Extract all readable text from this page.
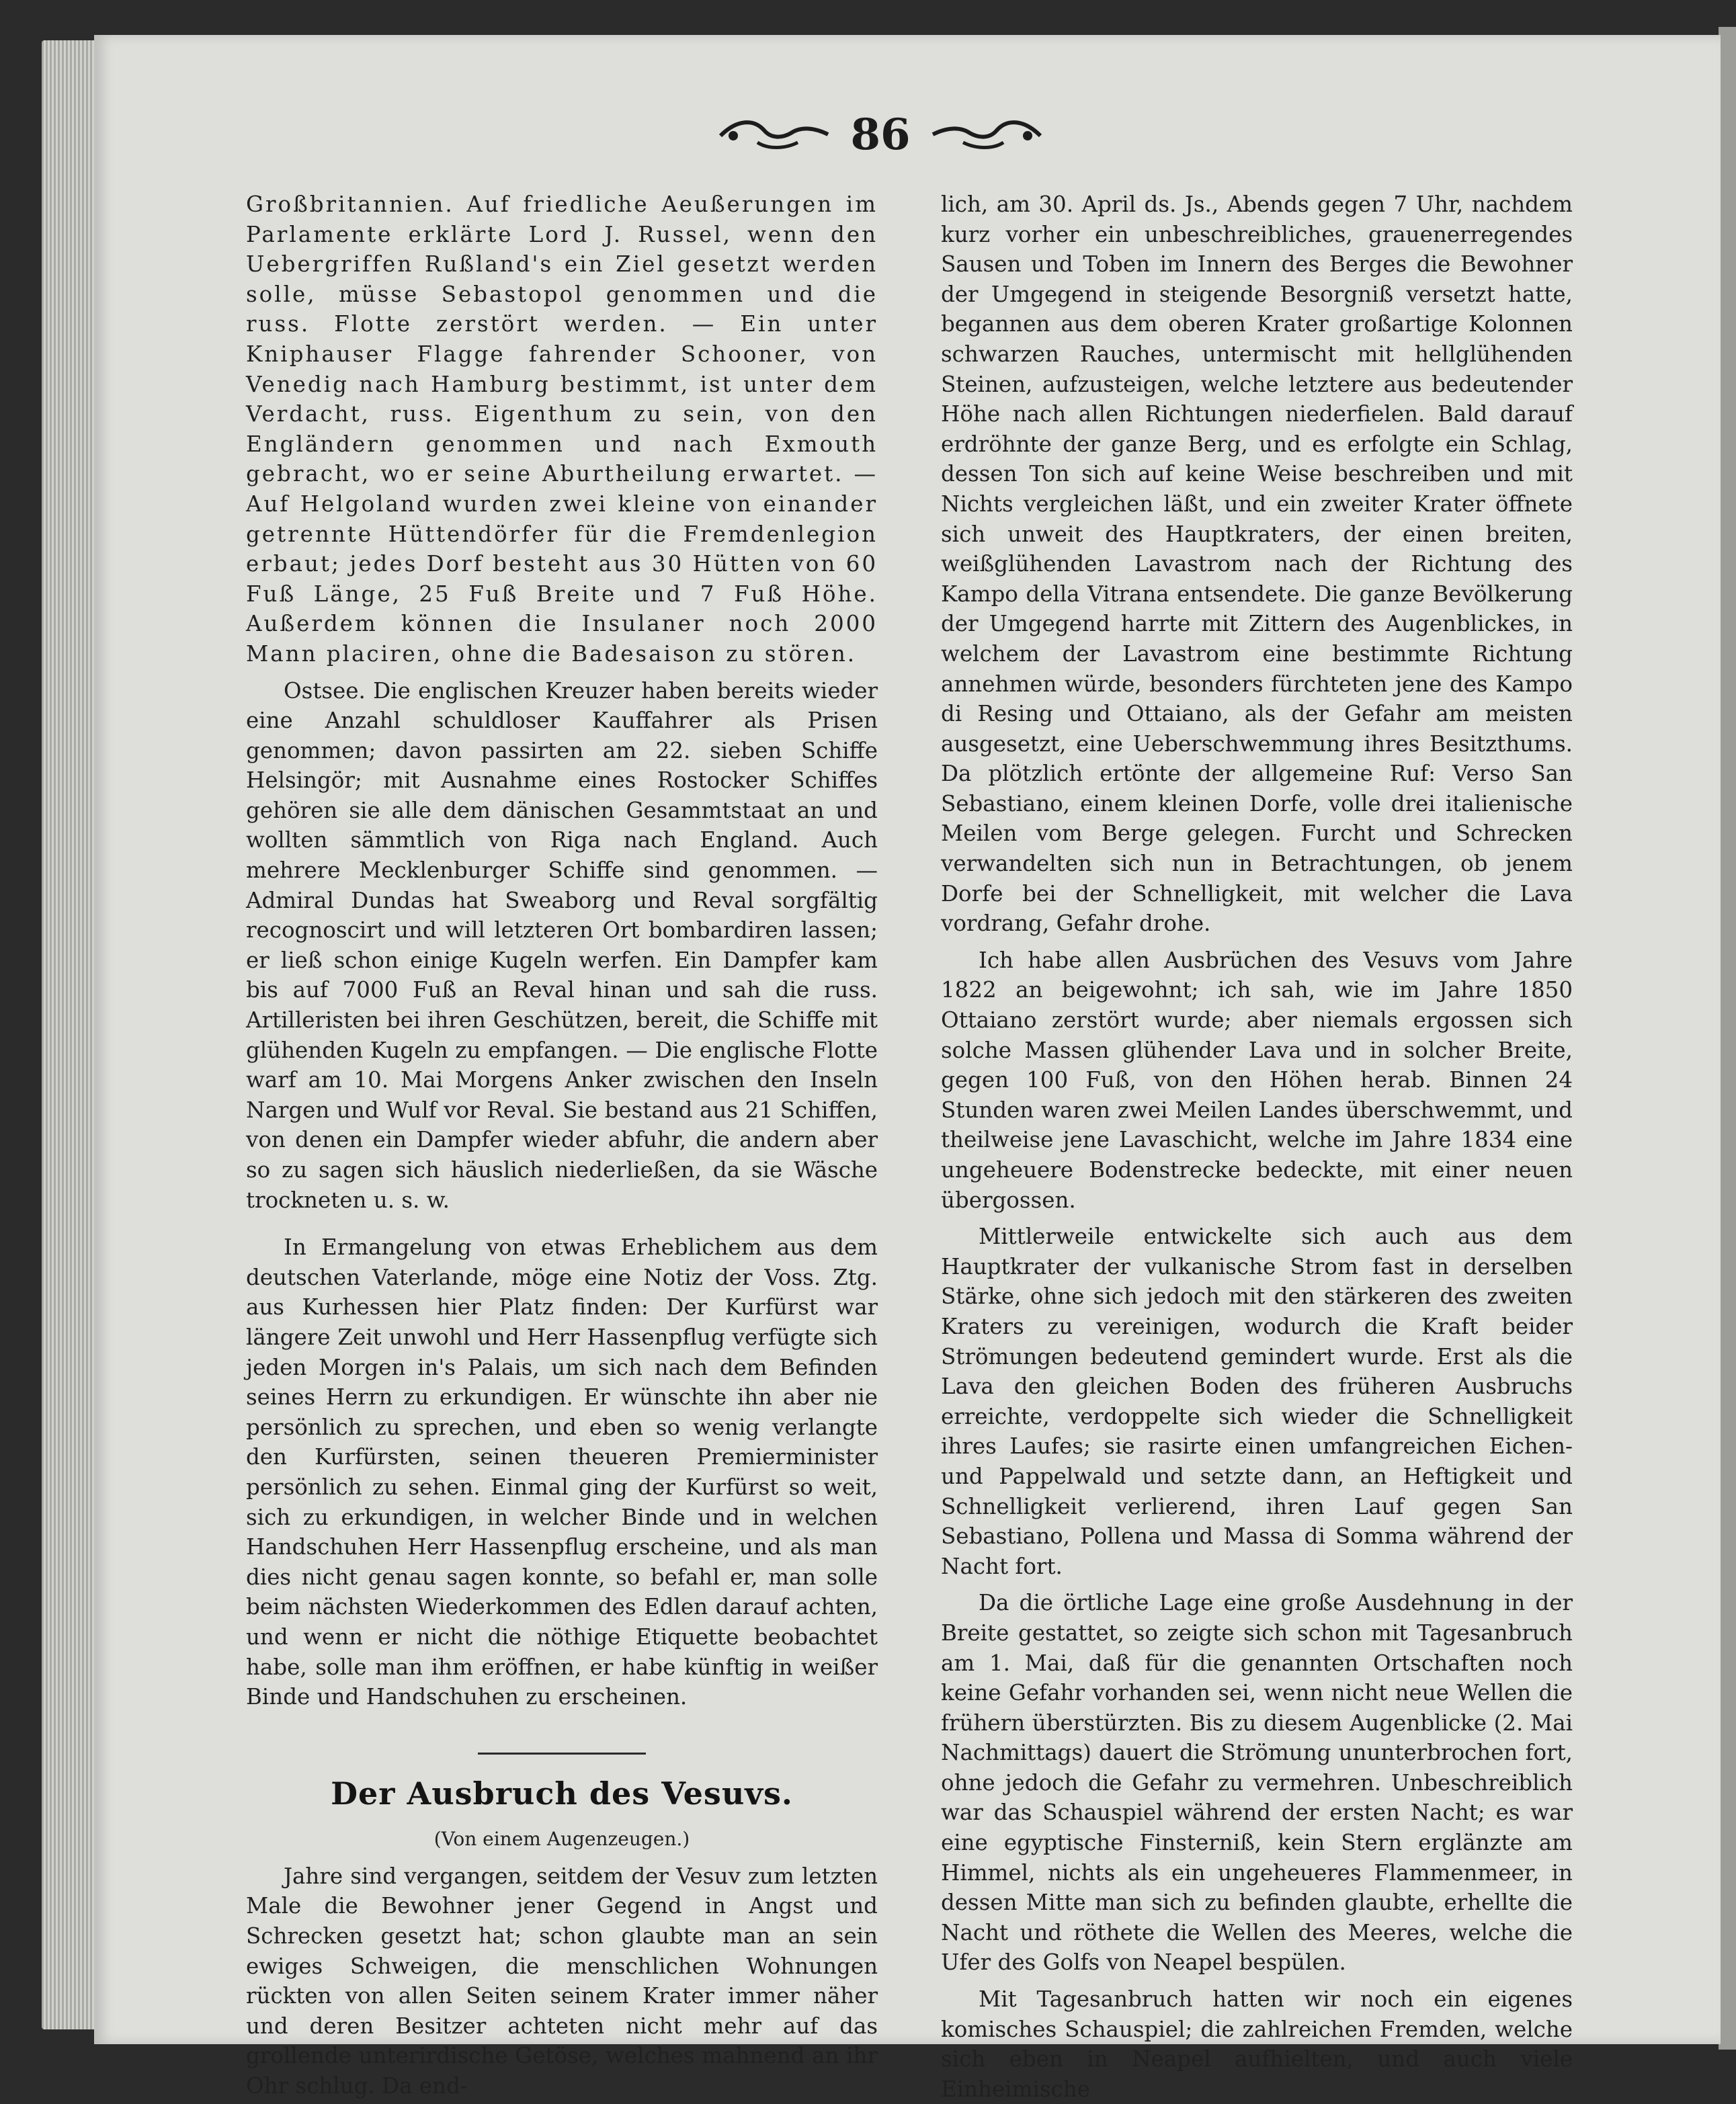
86

Großbritannien. Auf friedliche Aeußerungen im Parlamente erklärte Lord J. Russel, wenn den Uebergriffen Rußland's ein Ziel gesetzt werden solle, müsse Sebastopol genommen und die russ. Flotte zerstört werden. — Ein unter Kniphauser Flagge fahrender Schooner, von Venedig nach Hamburg bestimmt, ist unter dem Verdacht, russ. Eigenthum zu sein, von den Engländern genommen und nach Exmouth gebracht, wo er seine Aburtheilung erwartet. — Auf Helgoland wurden zwei kleine von einander getrennte Hüttendörfer für die Fremdenlegion erbaut; jedes Dorf besteht aus 30 Hütten von 60 Fuß Länge, 25 Fuß Breite und 7 Fuß Höhe. Außerdem können die Insulaner noch 2000 Mann placiren, ohne die Badesaison zu stören.

Ostsee. Die englischen Kreuzer haben bereits wieder eine Anzahl schuldloser Kauffahrer als Prisen genommen; davon passirten am 22. sieben Schiffe Helsingör; mit Ausnahme eines Rostocker Schiffes gehören sie alle dem dänischen Gesammtstaat an und wollten sämmtlich von Riga nach England. Auch mehrere Mecklenburger Schiffe sind genommen. — Admiral Dundas hat Sweaborg und Reval sorgfältig recognoscirt und will letzteren Ort bombardiren lassen; er ließ schon einige Kugeln werfen. Ein Dampfer kam bis auf 7000 Fuß an Reval hinan und sah die russ. Artilleristen bei ihren Geschützen, bereit, die Schiffe mit glühenden Kugeln zu empfangen. — Die englische Flotte warf am 10. Mai Morgens Anker zwischen den Inseln Nargen und Wulf vor Reval. Sie bestand aus 21 Schiffen, von denen ein Dampfer wieder abfuhr, die andern aber so zu sagen sich häuslich niederließen, da sie Wäsche trockneten u. s. w.

In Ermangelung von etwas Erheblichem aus dem deutschen Vaterlande, möge eine Notiz der Voss. Ztg. aus Kurhessen hier Platz finden: Der Kurfürst war längere Zeit unwohl und Herr Hassenpflug verfügte sich jeden Morgen in's Palais, um sich nach dem Befinden seines Herrn zu erkundigen. Er wünschte ihn aber nie persönlich zu sprechen, und eben so wenig verlangte den Kurfürsten, seinen theueren Premierminister persönlich zu sehen. Einmal ging der Kurfürst so weit, sich zu erkundigen, in welcher Binde und in welchen Handschuhen Herr Hassenpflug erscheine, und als man dies nicht genau sagen konnte, so befahl er, man solle beim nächsten Wiederkommen des Edlen darauf achten, und wenn er nicht die nöthige Etiquette beobachtet habe, solle man ihm eröffnen, er habe künftig in weißer Binde und Handschuhen zu erscheinen.

Der Ausbruch des Vesuvs.

(Von einem Augenzeugen.)

Jahre sind vergangen, seitdem der Vesuv zum letzten Male die Bewohner jener Gegend in Angst und Schrecken gesetzt hat; schon glaubte man an sein ewiges Schweigen, die menschlichen Wohnungen rückten von allen Seiten seinem Krater immer näher und deren Besitzer achteten nicht mehr auf das grollende unterirdische Getöse, welches mahnend an ihr Ohr schlug. Da end-

lich, am 30. April ds. Js., Abends gegen 7 Uhr, nachdem kurz vorher ein unbeschreibliches, grauenerregendes Sausen und Toben im Innern des Berges die Bewohner der Umgegend in steigende Besorgniß versetzt hatte, begannen aus dem oberen Krater großartige Kolonnen schwarzen Rauches, untermischt mit hellglühenden Steinen, aufzusteigen, welche letztere aus bedeutender Höhe nach allen Richtungen niederfielen. Bald darauf erdröhnte der ganze Berg, und es erfolgte ein Schlag, dessen Ton sich auf keine Weise beschreiben und mit Nichts vergleichen läßt, und ein zweiter Krater öffnete sich unweit des Hauptkraters, der einen breiten, weißglühenden Lavastrom nach der Richtung des Kampo della Vitrana entsendete. Die ganze Bevölkerung der Umgegend harrte mit Zittern des Augenblickes, in welchem der Lavastrom eine bestimmte Richtung annehmen würde, besonders fürchteten jene des Kampo di Resing und Ottaiano, als der Gefahr am meisten ausgesetzt, eine Ueberschwemmung ihres Besitzthums. Da plötzlich ertönte der allgemeine Ruf: Verso San Sebastiano, einem kleinen Dorfe, volle drei italienische Meilen vom Berge gelegen. Furcht und Schrecken verwandelten sich nun in Betrachtungen, ob jenem Dorfe bei der Schnelligkeit, mit welcher die Lava vordrang, Gefahr drohe.

Ich habe allen Ausbrüchen des Vesuvs vom Jahre 1822 an beigewohnt; ich sah, wie im Jahre 1850 Ottaiano zerstört wurde; aber niemals ergossen sich solche Massen glühender Lava und in solcher Breite, gegen 100 Fuß, von den Höhen herab. Binnen 24 Stunden waren zwei Meilen Landes überschwemmt, und theilweise jene Lavaschicht, welche im Jahre 1834 eine ungeheuere Bodenstrecke bedeckte, mit einer neuen übergossen.

Mittlerweile entwickelte sich auch aus dem Hauptkrater der vulkanische Strom fast in derselben Stärke, ohne sich jedoch mit den stärkeren des zweiten Kraters zu vereinigen, wodurch die Kraft beider Strömungen bedeutend gemindert wurde. Erst als die Lava den gleichen Boden des früheren Ausbruchs erreichte, verdoppelte sich wieder die Schnelligkeit ihres Laufes; sie rasirte einen umfangreichen Eichen- und Pappelwald und setzte dann, an Heftigkeit und Schnelligkeit verlierend, ihren Lauf gegen San Sebastiano, Pollena und Massa di Somma während der Nacht fort.

Da die örtliche Lage eine große Ausdehnung in der Breite gestattet, so zeigte sich schon mit Tagesanbruch am 1. Mai, daß für die genannten Ortschaften noch keine Gefahr vorhanden sei, wenn nicht neue Wellen die frühern überstürzten. Bis zu diesem Augenblicke (2. Mai Nachmittags) dauert die Strömung ununterbrochen fort, ohne jedoch die Gefahr zu vermehren. Unbeschreiblich war das Schauspiel während der ersten Nacht; es war eine egyptische Finsterniß, kein Stern erglänzte am Himmel, nichts als ein ungeheueres Flammenmeer, in dessen Mitte man sich zu befinden glaubte, erhellte die Nacht und röthete die Wellen des Meeres, welche die Ufer des Golfs von Neapel bespülen.

Mit Tagesanbruch hatten wir noch ein eigenes komisches Schauspiel; die zahlreichen Fremden, welche sich eben in Neapel aufhielten, und auch viele Einheimische
